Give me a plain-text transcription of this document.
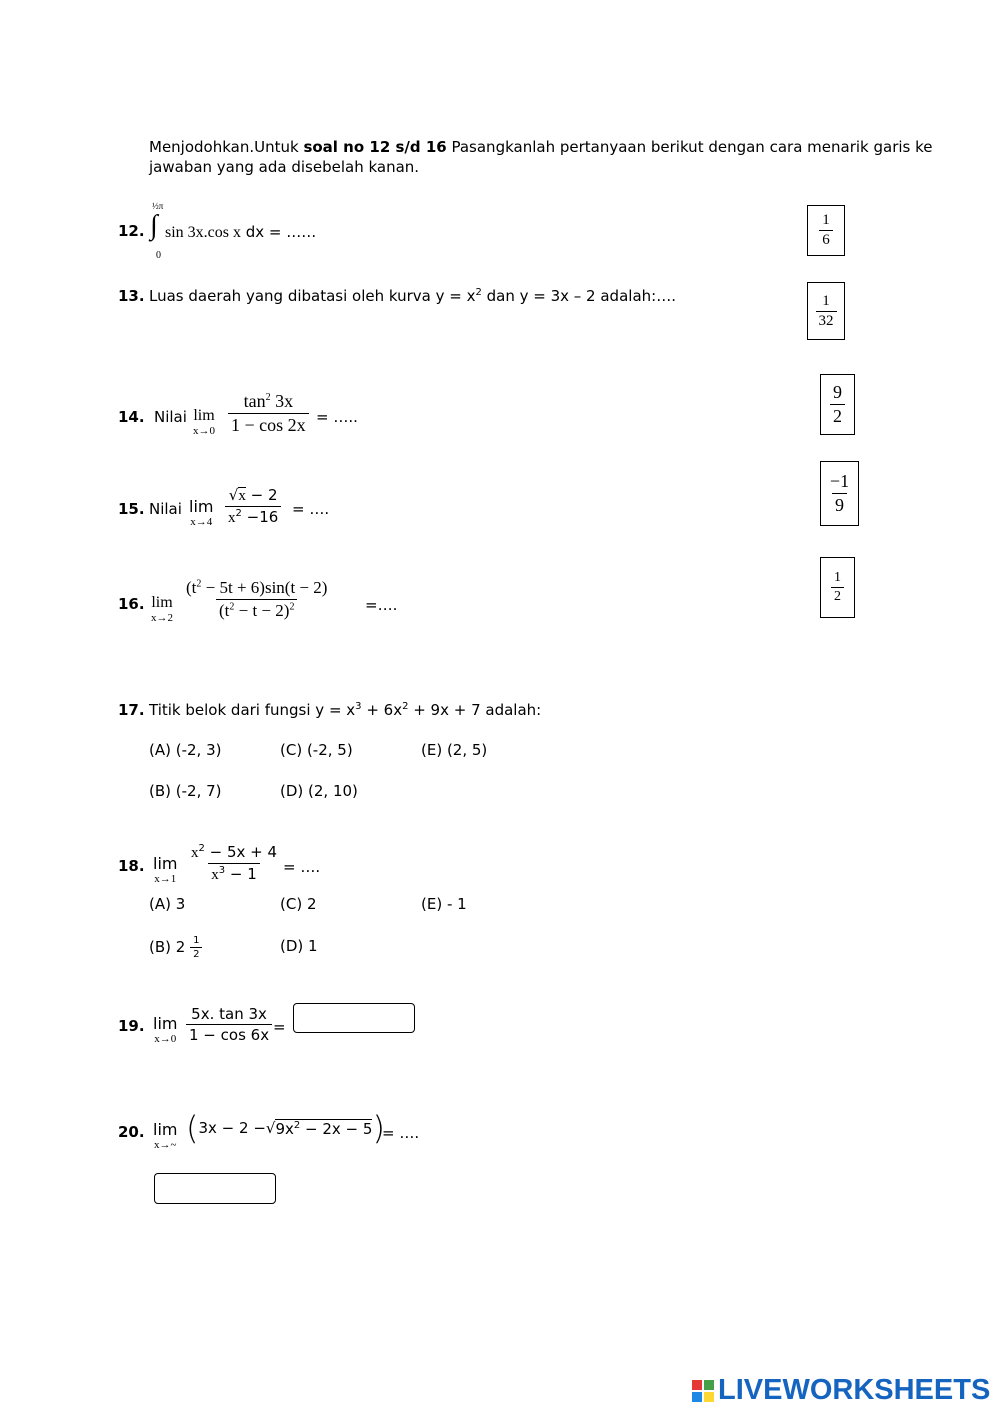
Menjodohkan.Untuk soal no 12 s/d 16 Pasangkanlah pertanyaan berikut dengan cara menarik garis ke
jawaban yang ada disebelah kanan.
12.
½π
∫
0
sin 3x.cos x dx = ……
13. Luas daerah yang dibatasi oleh kurva $y = x^2$ dan y = 3x – 2 adalah:….
14. Nilai lim
$x\to 0 \frac{\tan^2 3x}{1 - \cos 2x}$ = …..
15. Nilai lim
$x\to 4 \frac{√x - 2}{x^2 -16}$ = ….
16. lim
$x\to 2 \frac{(t^2 - 5t + 6)\sin(t - 2)}{(t^2 - t - 2)^2}$ =….
$\frac{1}{6}$
$\frac{1}{32}$
$\frac{9}{2}$
$\frac{-1}{9}$
$\frac{1}{2}$
17. Titik belok dari fungsi $y = x^3 + 6x^2 + 9x + 7$ adalah:
(A) (-2, 3)	(C) (-2, 5)	(E) (2, 5)
(B) (-2, 7)	(D) (2, 10)
18. lim
$x\to 1 \frac{x^2 - 5x + 4}{x^3 - 1}$ = ….
(A) 3	(C) 2	(E) - 1
(B) $2 \frac{1}{2}$	(D) 1
19. lim
$x\to 0 \frac{5x. \tan 3x}{1 - \cos 6x}$ =
20. lim
x→~ ( 3x − 2 − √ $9x^2 - 2x - 5$ )
= ….
LIVEWORKSHEETS
